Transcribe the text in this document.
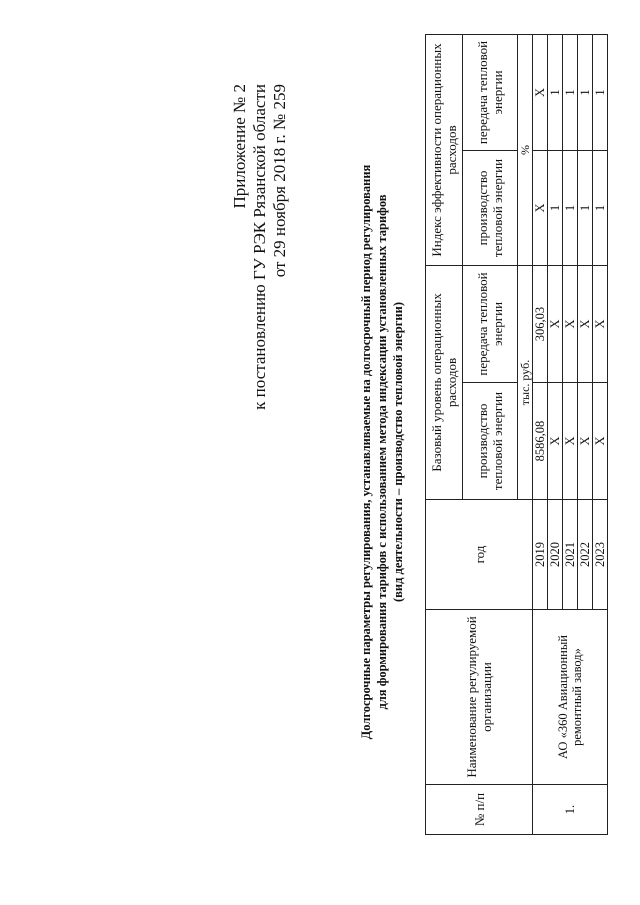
Приложение № 2 к постановлению ГУ РЭК Рязанской области от 29 ноября 2018 г. № 259	Долгосрочные параметры регулирования, устанавливаемые на долгосрочный период регулирования для формирования тарифов с использованием метода индексации установленных тарифов (вид деятельности – производство тепловой энергии)
№ п/п	Наименование регулируемой организации	год	Базовый уровень операционных расходов		Индекс эффективности операционных расходов	
			производство тепловой энергии	передача тепловой энергии	производство тепловой энергии	передача тепловой энергии
			тыс. руб.		%	
1.	АО «360 Авиационный ремонтный завод»	2019	8586,08	306,03	X	X
		2020	X	X	1	1
		2021	X	X	1	1
		2022	X	X	1	1
		2023	X	X	1	1
